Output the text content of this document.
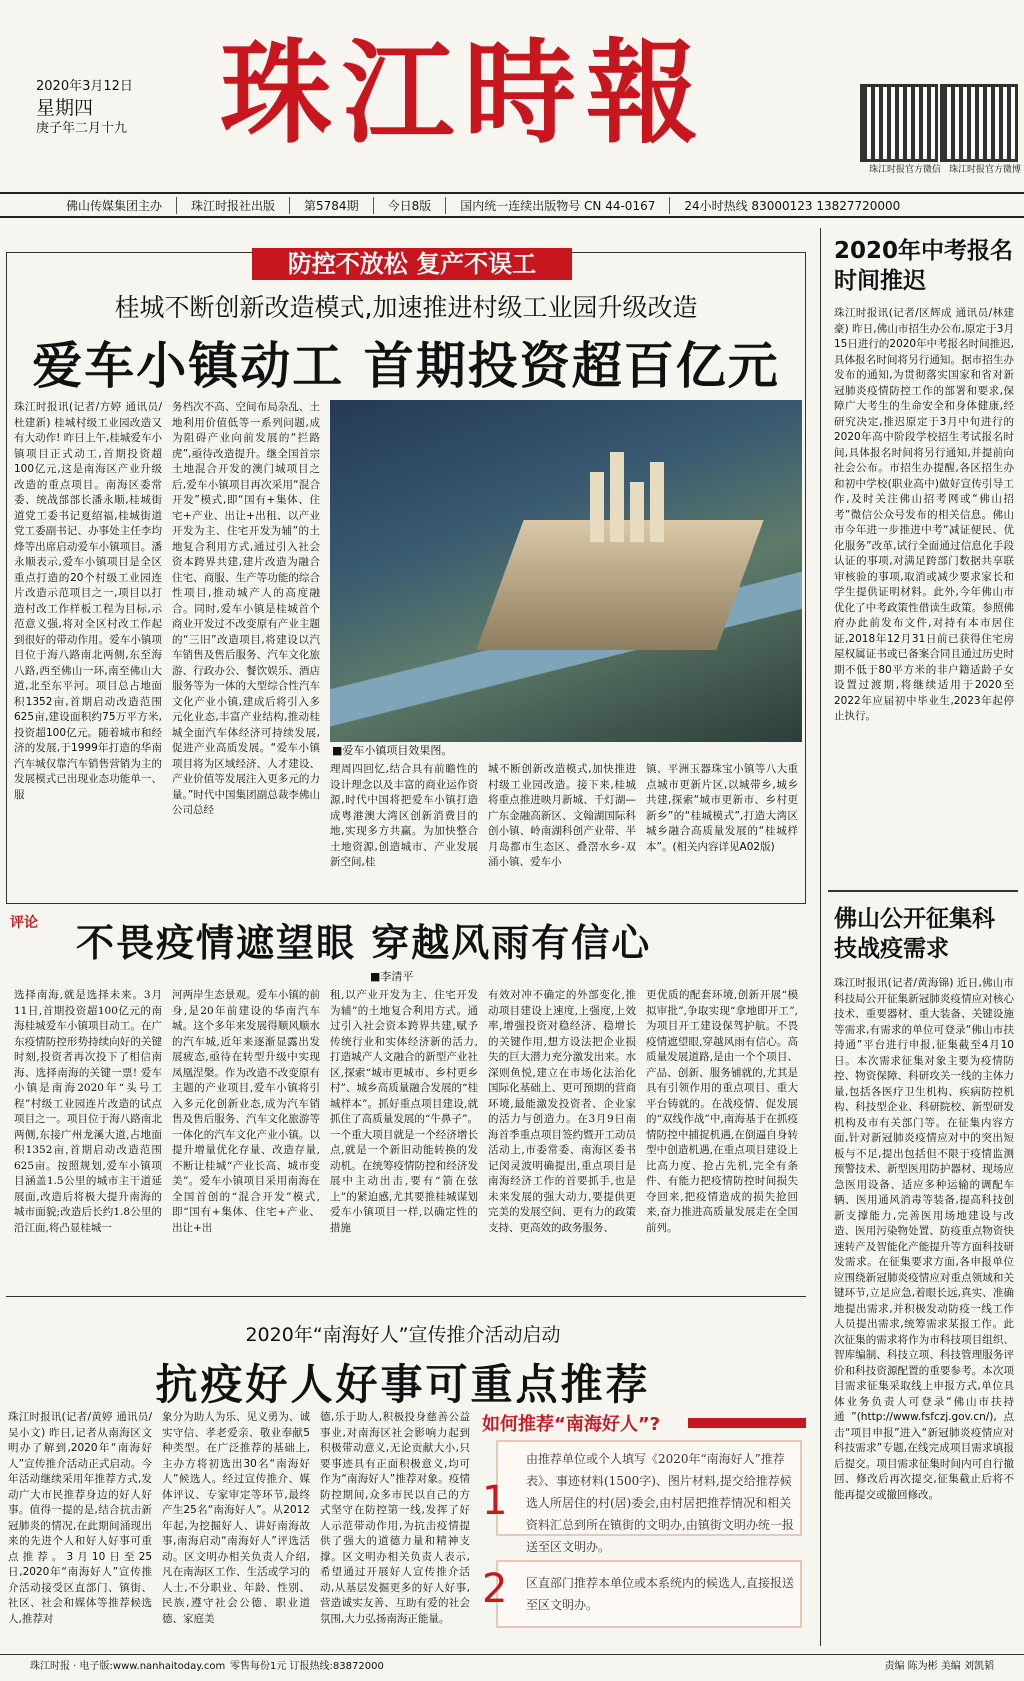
2020年3月12日
星期四
庚子年二月十九 珠江時報
珠江时报官方微信 珠江时报官方微博
佛山传媒集团主办	珠江时报社出版	第5784期	今日8版	国内统一连续出版物号 CN 44-0167	24小时热线 83000123 13827720000
防控不放松 复产不误工
桂城不断创新改造模式,加速推进村级工业园升级改造
爱车小镇动工 首期投资超百亿元
珠江时报讯(记者/方婷 通讯员/杜建新) 桂城村级工业园改造又有大动作! 昨日上午,桂城爱车小镇项目正式动工,首期投资超100亿元,这是南海区产业升级改造的重点项目。南海区委常委、统战部部长潘永顺,桂城街道党工委书记夏绍福,桂城街道党工委副书记、办事处主任李均烽等出席启动爱车小镇项目。潘永顺表示,爱车小镇项目是全区重点打造的20个村级工业园连片改造示范项目之一,项目以打造村改工作样板工程为目标,示范意义强,将对全区村改工作起到很好的带动作用。爱车小镇项目位于海八路南北两侧,东至海八路,西至佛山一环,南至佛山大道,北至东平河。项目总占地面积1352亩,首期启动改造范围625亩,建设面积约75万平方米,投资超100亿元。随着城市和经济的发展,于1999年打造的华南汽车城仅靠汽车销售营销为主的发展模式已出现业态功能单一、服
务档次不高、空间布局杂乱、土地利用价值低等一系列问题,成为阻碍产业向前发展的“拦路虎”,亟待改造提升。继全国首宗土地混合开发的澳门城项目之后,爱车小镇项目再次采用“混合开发”模式,即“国有+集体、住宅+产业、出让+出租、以产业开发为主、住宅开发为辅”的土地复合利用方式,通过引入社会资本跨界共建,建片改造为融合住宅、商服、生产等功能的综合性项目,推动城产人的高度融合。同时,爱车小镇是桂城首个商业开发过不改变原有产业主题的“三旧”改造项目,将建设以汽车销售及售后服务、汽车文化旅游、行政办公、餐饮娱乐、酒店服务等为一体的大型综合性汽车文化产业小镇,建成后将引入多元化业态,丰富产业结构,推动桂城全面汽车体经济可持续发展,促进产业高质发展。“爱车小镇项目将为区域经济、人才建设、产业价值等发展注入更多元的力量。”时代中国集团副总裁李佛山公司总经
■爱车小镇项目效果图。
理周四回忆,结合具有前瞻性的设计理念以及丰富的商业运作资源,时代中国将把爱车小镇打造成粤港澳大湾区创新消费目的地,实现多方共赢。为加快整合土地资源,创造城市、产业发展新空间,桂
城不断创新改造模式,加快推进村级工业园改造。接下来,桂城将重点推进映月新城、千灯湖—广东金融高新区、文翰湖国际科创小镇、岭南湖科创产业带、半月岛都市生态区、叠滘水乡-双涌小镇、爱车小
镇、平洲玉器珠宝小镇等八大重点城市更新片区,以城带乡,城乡共建,探索“城市更新市、乡村更新乡”的“桂城模式”,打造大湾区城乡融合高质量发展的“桂城样本”。(相关内容详见A02版)
2020年中考报名时间推迟
珠江时报讯(记者/区辉成 通讯员/林建豪) 昨日,佛山市招生办公布,原定于3月15日进行的2020年中考报名时间推迟,具体报名时间将另行通知。据市招生办发布的通知,为贯彻落实国家和省对新冠肺炎疫情防控工作的部署和要求,保障广大考生的生命安全和身体健康,经研究决定,推迟原定于3月中旬进行的2020年高中阶段学校招生考试报名时间,具体报名时间将另行通知,并提前向社会公布。市招生办提醒,各区招生办和初中学校(职业高中)做好宣传引导工作,及时关注佛山招考网或“佛山招考”微信公众号发布的相关信息。佛山市今年进一步推进中考“减证便民、优化服务”改革,试行全面通过信息化手段认证的事项,对满足跨部门数据共享联审核验的事项,取消或减少要求家长和学生提供证明材料。此外,今年佛山市优化了中考政策性借读生政策。参照佛府办此前发布文件,对持有本市居住证,2018年12月31日前已获得住宅房屋权属证书或已备案合同且通过历史时期不低于80平方米的非户籍适龄子女设置过渡期,将继续适用于2020至2022年应届初中毕业生,2023年起停止执行。
佛山公开征集科技战疫需求
珠江时报讯(记者/黄海锦) 近日,佛山市科技局公开征集新冠肺炎疫情应对核心技术、重要器材、重大装备、关键设施等需求,有需求的单位可登录“佛山市扶持通”平台进行申报,征集截至4月10日。本次需求征集对象主要为疫情防控、物资保障、科研攻关一线的主体力量,包括各医疗卫生机构、疾病防控机构、科技型企业、科研院校、新型研发机构及市有关部门等。在征集内容方面,针对新冠肺炎疫情应对中的突出短板与不足,提出包括但不限于疫情监测预警技术、新型医用防护器材、现场应急医用设备、适应多种运输的调配车辆、医用通风消毒等装备,提高科技创新支撑能力,完善医用场地建设与改造、医用污染物处置、防疫重点物资快速转产及智能化产能提升等方面科技研发需求。在征集要求方面,各申报单位应围绕新冠肺炎疫情应对重点领域和关键环节,立足应急,着眼长远,真实、准确地提出需求,并积极发动防疫一线工作人员提出需求,统筹需求某报工作。此次征集的需求将作为市科技项目组织、智库编制、科技立项、科技管理服务评价和科技资源配置的重要参考。本次项目需求征集采取线上申报方式,单位具体业务负责人可登录“佛山市扶持通”(http://www.fsfczj.gov.cn/),点击“项目申报”进入“新冠肺炎疫情应对科技需求”专题,在线完成项目需求填报后提交。项目需求征集时间内可自行撤回、修改后再次提交,征集截止后将不能再提交或撤回修改。
评论	不畏疫情遮望眼 穿越风雨有信心
■李清平
选择南海,就是选择未来。3月11日,首期投资超100亿元的南海桂城爱车小镇项目动工。在广东疫情防控形势持续向好的关键时刻,投资者再次投下了相信南海、选择南海的关键一票! 爱车小镇是南海2020年“头号工程”村级工业园连片改造的试点项目之一。项目位于海八路南北两侧,东接广州龙溪大道,占地面积1352亩,首期启动改造范围625亩。按照规划,爱车小镇项目涵盖1.5公里的城市主干道延展面,改造后将极大提升南海的城市面貌;改造后长约1.8公里的沿江面,将凸显桂城一
河两岸生态景观。爱车小镇的前身,是20年前建设的华南汽车城。这个多年来发展得顺风顺水的汽车城,近年来逐渐显露出发展疲态,亟待在转型升级中实现凤凰涅槃。作为改造不改变原有主题的产业项目,爱车小镇将引入多元化创新业态,成为汽车销售及售后服务、汽车文化旅游等一体化的汽车文化产业小镇。以提升增量优化存量、改造存量,不断让桂城“产业长高、城市变美”。爱车小镇项目采用南海在全国首创的“混合开发”模式,即“国有+集体、住宅+产业、出让+出
租,以产业开发为主、住宅开发为辅”的土地复合利用方式。通过引入社会资本跨界共建,赋予传统行业和实体经济新的活力,打造城产人文融合的新型产业社区,探索“城市更城市、乡村更乡村”、城乡高质量融合发展的“桂城样本”。抓好重点项目建设,就抓住了高质量发展的“牛鼻子”。一个重大项目就是一个经济增长点,就是一个新旧动能转换的发动机。在统筹疫情防控和经济发展中主动出击,要有“箭在弦上”的紧迫感,尤其要推桂城谋划爱车小镇项目一样,以确定性的措施
有效对冲不确定的外部变化,推动项目建设上速度,上强度,上效率,增强投资对稳经济、稳增长的关键作用,想方设法把企业损失的巨大潜力充分激发出来。水深则鱼悦,建立在市场化法治化国际化基础上、更可预期的营商环境,最能激发投资者、企业家的活力与创造力。在3月9日南海首季重点项目签约暨开工动员活动上,市委常委、南海区委书记闵灵波明确提出,重点项目是南海经济工作的首要抓手,也是未来发展的强大动力,要提供更完美的发展空间、更有力的政策支持、更高效的政务服务、
更优质的配套环境,创新开展“模拟审批”,争取实现“拿地即开工”,为项目开工建设保驾护航。不畏疫情遮望眼,穿越风雨有信心。高质量发展道路,是由一个个项目、产品、创新、服务铺就的,尤其是具有引领作用的重点项目、重大平台铸就的。在战疫情、促发展的“双线作战”中,南海基于在抓疫情防控中捕捉机遇,在倒逼自身转型中创造机遇,在重点项目建设上比高力度、抢占先机,完全有条件、有能力把疫情防控时间损失夺回来,把疫情造成的损失抢回来,奋力推进高质量发展走在全国前列。
2020年“南海好人”宣传推介活动启动
抗疫好人好事可重点推荐
珠江时报讯(记者/黄婷 通讯员/吴小文) 昨日,记者从南海区文明办了解到,2020年“南海好人”宣传推介活动正式启动。今年活动继续采用年推荐方式,发动广大市民推荐身边的好人好事。值得一提的是,结合抗击新冠肺炎的情况,在此期间涌现出来的先进个人和好人好事可重点推荐。3月10日至25日,2020年“南海好人”宣传推介活动接受区直部门、镇街、社区、社会和媒体等推荐候选人,推荐对
象分为助人为乐、见义勇为、诚实守信、孝老爱亲、敬业奉献5种类型。在广泛推荐的基础上,主办方将初选出30名“南海好人”候选人。经过宣传推介、媒体评议、专家审定等环节,最终产生25名“南海好人”。从2012年起,为挖掘好人、讲好南海故事,南海启动“南海好人”评选活动。区文明办相关负责人介绍,凡在南海区工作、生活或学习的人士,不分职业、年龄、性别、民族,遵守社会公德、职业道德、家庭美
德,乐于助人,积极投身慈善公益事业,对南海区社会影响力起到积极带动意义,无论贡献大小,只要事迹具有正面积极意义,均可作为“南海好人”推荐对象。疫情防控期间,众多市民以自己的方式坚守在防控第一线,发挥了好人示范带动作用,为抗击疫情提供了强大的道德力量和精神支撑。区文明办相关负责人表示,希望通过开展好人宣传推介活动,从基层发掘更多的好人好事,营造诚实友善、互助有爱的社会氛围,大力弘扬南海正能量。
如何推荐“南海好人”?
1
由推荐单位或个人填写《2020年“南海好人”推荐表》、事迹材料(1500字)、图片材料,提交给推荐候选人所居住的村(居)委会,由村居把推荐情况和相关资料汇总到所在镇街的文明办,由镇街文明办统一报送至区文明办。
2 区直部门推荐本单位或本系统内的候选人,直接报送至区文明办。
珠江时报 · 电子版:www.nanhaitoday.com 零售每份1元 订报热线:83872000	责编 陈为彬 美编 刘凯韬
